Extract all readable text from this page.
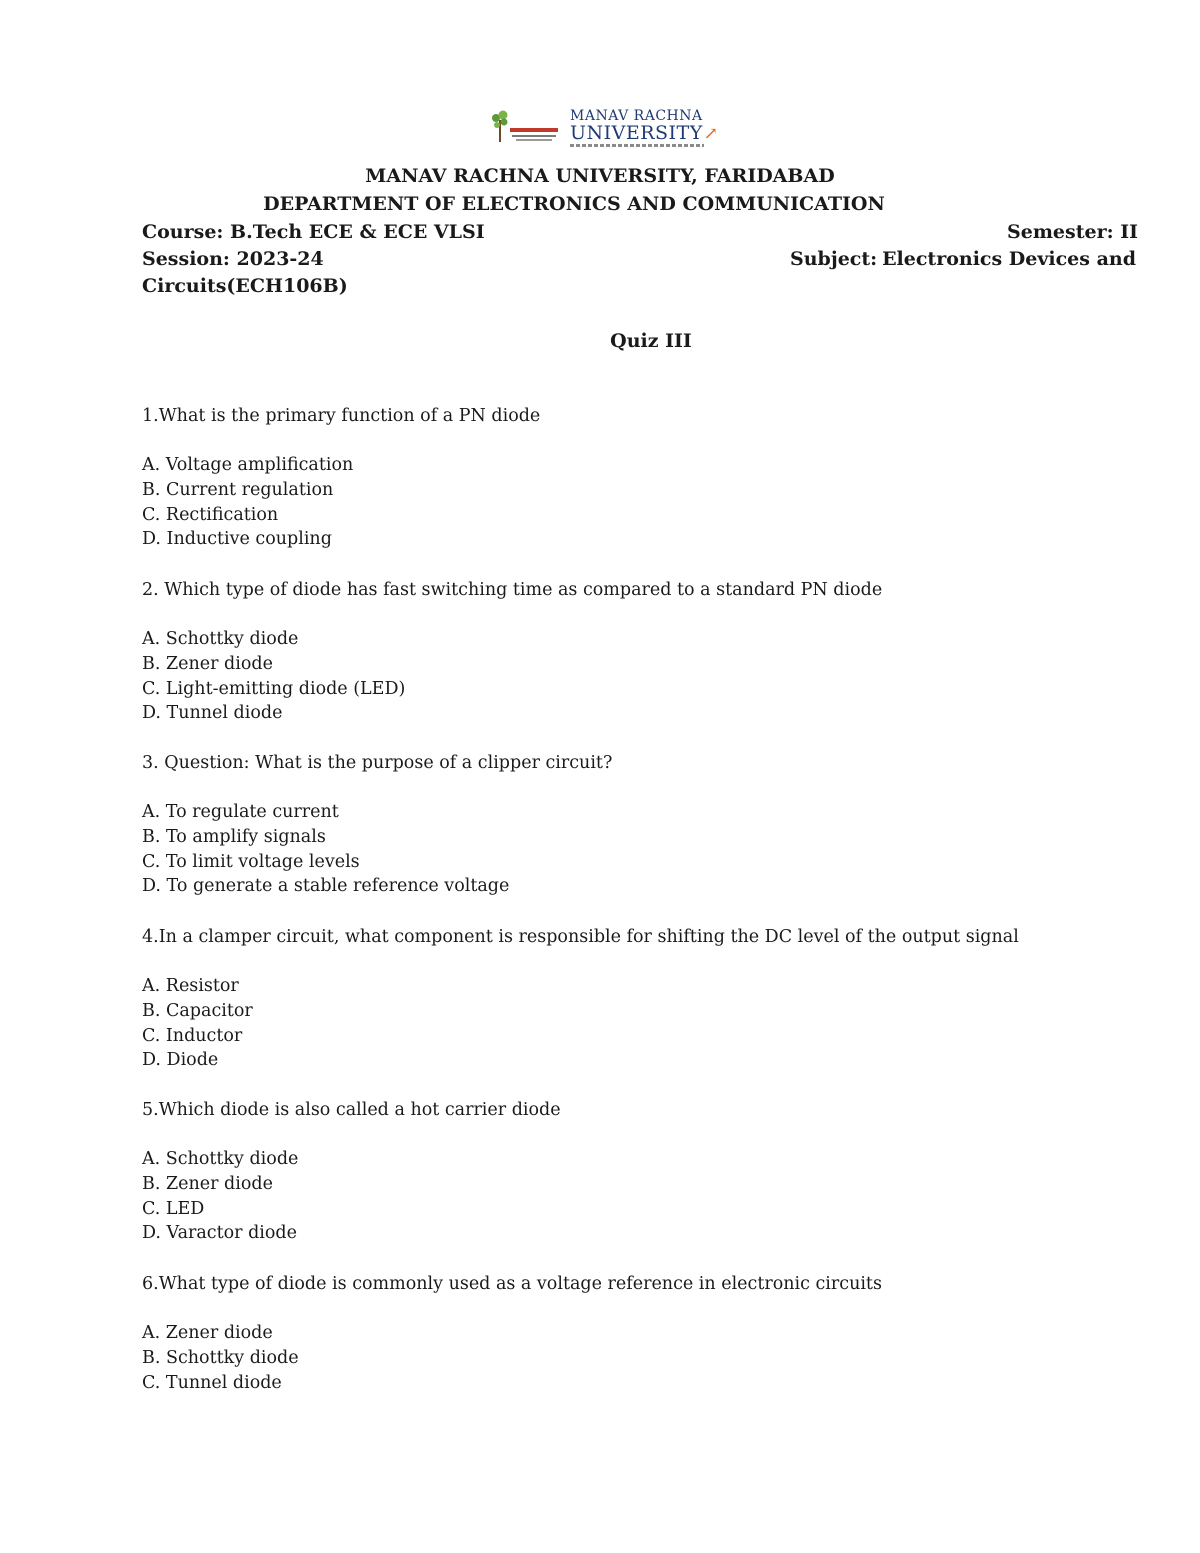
MANAV RACHNA
UNIVERSITY↗
MANAV RACHNA UNIVERSITY, FARIDABAD
DEPARTMENT OF ELECTRONICS AND COMMUNICATION
Course: B.Tech ECE & ECE VLSI	Semester: II
Session: 2023-24	Subject: Electronics Devices and
Circuits(ECH106B)
Quiz III
1.What is the primary function of a PN diode
A. Voltage amplification
B. Current regulation
C. Rectification
D. Inductive coupling
2. Which type of diode has fast switching time as compared to a standard PN diode
A. Schottky diode
B. Zener diode
C. Light-emitting diode (LED)
D. Tunnel diode
3. Question: What is the purpose of a clipper circuit?
A. To regulate current
B. To amplify signals
C. To limit voltage levels
D. To generate a stable reference voltage
4.In a clamper circuit, what component is responsible for shifting the DC level of the output signal
A. Resistor
B. Capacitor
C. Inductor
D. Diode
5.Which diode is also called a hot carrier diode
A. Schottky diode
B. Zener diode
C. LED
D. Varactor diode
6.What type of diode is commonly used as a voltage reference in electronic circuits
A. Zener diode
B. Schottky diode
C. Tunnel diode
